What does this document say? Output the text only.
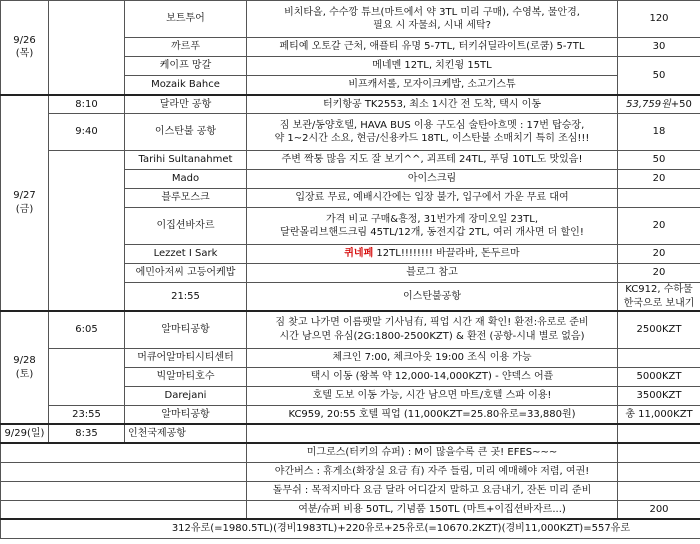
9/26
(목)		보트투어	비치타올, 수수깡 튜브(마트에서 약 3TL 미리 구매), 수영복, 물안경,
필요 시 자물쇠, 시내 세탁?	120	
		까르푸	페티예 오토갈 근처, 애플티 유명 5-7TL, 터키쉬딜라이트(로쿰) 5-7TL	30	
		케이프 망갈	메네멘 12TL, 치킨윙 15TL	50	
		Mozaik Bahce	비프캐서롤, 모자이크케밥, 소고기스튜		
9/27
(금)	8:10	달라만 공항	터키항공 TK2553, 최소 1시간 전 도착, 택시 이동	53,759원+50	
	9:40	이스탄불 공항	짐 보관/동양호텔, HAVA BUS 이용 구도심 술탄아흐멧 : 17번 탑승장,
약 1~2시간 소요, 현금/신용카드 18TL, 이스탄불 소매치기 특히 조심!!!	18	
		Tarihi Sultanahmet	주변 짝퉁 많음 지도 잘 보기^^, 괴프테 24TL, 푸딩 10TL도 맛있음!	50	
		Mado	아이스크림	20	
		블루모스크	입장료 무료, 예배시간에는 입장 불가, 입구에서 가운 무료 대여		
		이집션바자르	가격 비교 구매&흥정, 31번가게 장미오일 23TL,
달란몰리브핸드크림 45TL/12개, 동전지갑 2TL, 여러 개사면 더 할인!	20	
		Lezzet I Sark	퀴네페 12TL!!!!!!!! 바끌라바, 돈두르마	20	
		에민아저씨 고등어케밥	블로그 참고	20	
		21:55	이스탄불공항	KC912, 수하물 한국으로 보내기	
9/28
(토)	6:05	알마티공항	짐 찾고 나가면 이름팻말 기사님有, 픽업 시간 재 확인! 환전:유로로 준비
시간 남으면 유심(2G:1800-2500KZT) & 환전 (공항-시내 별로 없음)	2500KZT	
		머큐어알마티시티센터	체크인 7:00, 체크아웃 19:00 조식 이용 가능		
		빅알마티호수	택시 이동 (왕복 약 12,000-14,000KZT) - 얀덱스 어플	5000KZT	
		Darejani	호텔 도보 이동 가능, 시간 남으면 마트/호텔 스파 이용!	3500KZT	
	23:55	알마티공항	KC959, 20:55 호텔 픽업 (11,000KZT=25.80유로=33,880원)	총 11,000KZT	
9/29(일)	8:35	인천국제공항			
			미그로스(터키의 슈퍼) : M이 많을수록 큰 곳! EFES~~~		
			야간버스 : 휴게소(화장실 요금 有) 자주 들림, 미리 예매해야 저렴, 여권!		
			돌무쉬 : 목적지마다 요금 달라 어디갈지 말하고 요금내기, 잔돈 미리 준비		
			여분/슈퍼 비용 50TL, 기념품 150TL (마트+이집션바자르...)	200	
312유로(=1980.5TL)(경비1983TL)+220유로+25유로(=10670.2KZT)(경비11,000KZT)=557유로					
